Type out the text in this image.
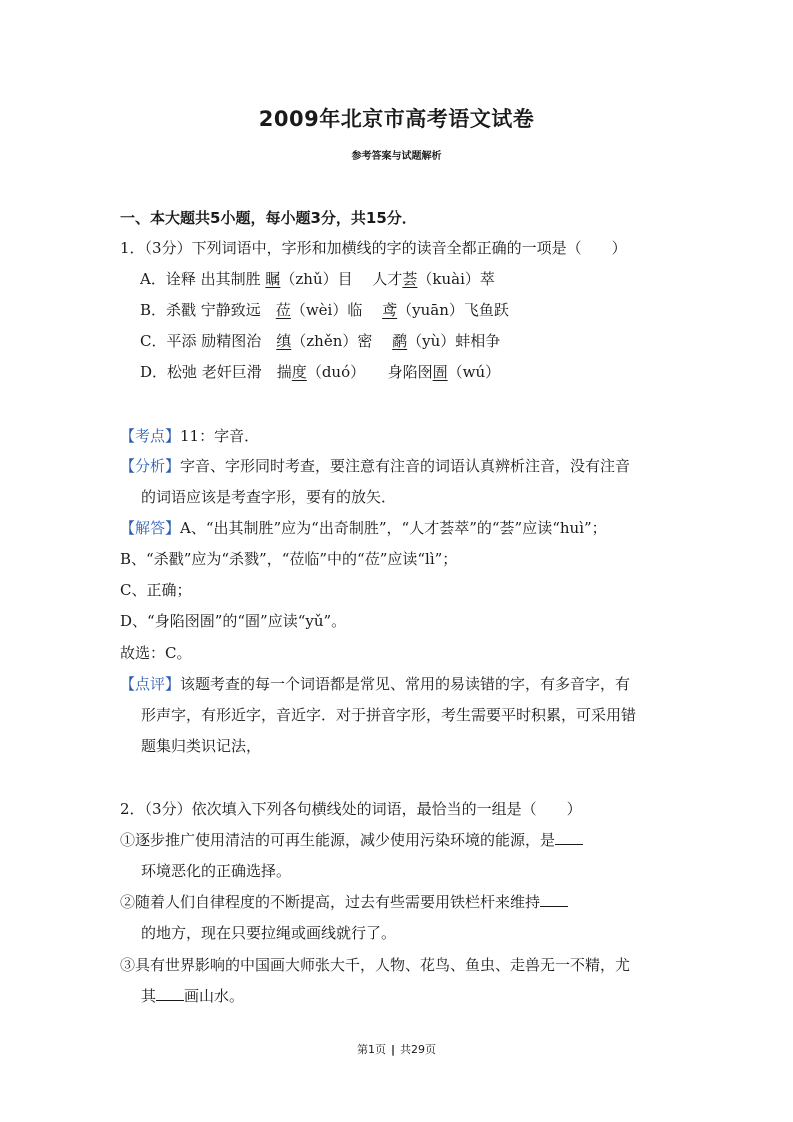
2009年北京市高考语文试卷
参考答案与试题解析
一、本大题共5小题，每小题3分，共15分．
1．（3分）下列词语中，字形和加横线的字的读音全都正确的一项是（　　）
A．诠释 出其制胜 瞩（zhǔ）目　 人才荟（kuài）萃
B．杀戳 宁静致远　莅（wèi）临　 鸢（yuān）飞鱼跃
C．平添 励精图治　缜（zhěn）密　 鹬（yù）蚌相争
D．松弛 老奸巨滑　揣度（duó）　　身陷囹圄（wú）
【考点】11：字音．
【分析】字音、字形同时考查，要注意有注音的词语认真辨析注音，没有注音
的词语应该是考查字形，要有的放矢．
【解答】A、“出其制胜”应为“出奇制胜”，“人才荟萃”的“荟”应读“huì”；
B、“杀戳”应为“杀戮”，“莅临”中的“莅”应读“lì”；
C、正确；
D、“身陷囹圄”的“圄”应读“yǔ”。
故选：C。
【点评】该题考查的每一个词语都是常见、常用的易读错的字，有多音字，有
形声字，有形近字，音近字．对于拼音字形，考生需要平时积累，可采用错
题集归类识记法，
2．（3分）依次填入下列各句横线处的词语，最恰当的一组是（　　）
①逐步推广使用清洁的可再生能源，减少使用污染环境的能源，是
环境恶化的正确选择。
②随着人们自律程度的不断提高，过去有些需要用铁栏杆来维持
的地方，现在只要拉绳或画线就行了。
③具有世界影响的中国画大师张大千，人物、花鸟、鱼虫、走兽无一不精，尤
其 画山水。
第1页 | 共29页
